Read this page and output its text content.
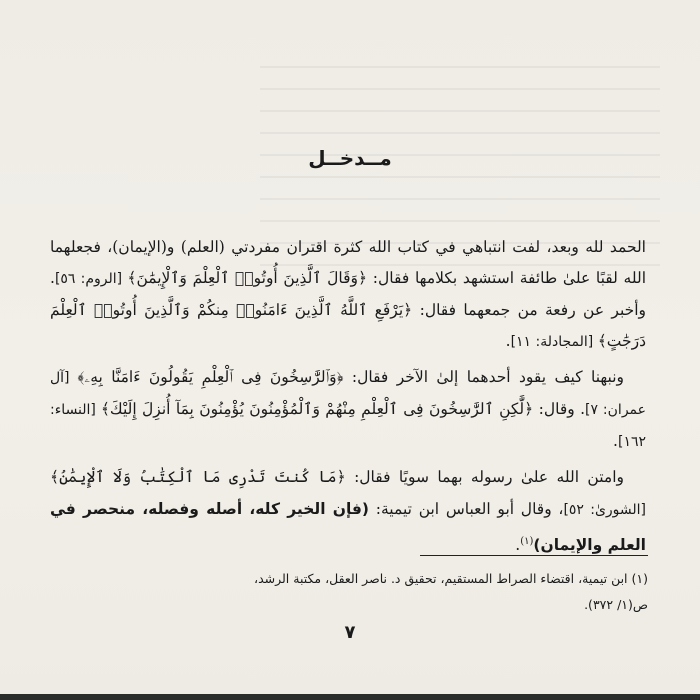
مــدخــل

الحمد لله وبعد، لفت انتباهي في كتاب الله كثرة اقتران مفردتي (العلم) و(الإيمان)، فجعلهما الله لقبًا علىٰ طائفة استشهد بكلامها فقال: ﴿وَقَالَ ٱلَّذِينَ أُوتُوا۟ ٱلْعِلْمَ وَٱلْإِيمَٰنَ﴾ [الروم: ٥٦]. وأخبر عن رفعة من جمعهما فقال: ﴿يَرْفَعِ ٱللَّهُ ٱلَّذِينَ ءَامَنُوا۟ مِنكُمْ وَٱلَّذِينَ أُوتُوا۟ ٱلْعِلْمَ دَرَجَٰتٍ﴾ [المجادلة: ١١].

ونبهنا كيف يقود أحدهما إلىٰ الآخر فقال: ﴿وَٱلرَّٰسِخُونَ فِى ٱلْعِلْمِ يَقُولُونَ ءَامَنَّا بِهِۦ﴾ [آل عمران: ٧]. وقال: ﴿لَّٰكِنِ ٱلرَّٰسِخُونَ فِى ٱلْعِلْمِ مِنْهُمْ وَٱلْمُؤْمِنُونَ يُؤْمِنُونَ بِمَآ أُنزِلَ إِلَيْكَ﴾ [النساء: ١٦٢].

وامتن الله علىٰ رسوله بهما سويًا فقال: ﴿مَا كُنتَ تَدْرِى مَا ٱلْكِتَٰبُ وَلَا ٱلْإِيمَٰنُ﴾ [الشورىٰ: ٥٢]، وقال أبو العباس ابن تيمية: (فإن الخير كله، أصله وفصله، منحصر في العلم والإيمان)$^{(١)}$.

(١) ابن تيمية، اقتضاء الصراط المستقيم، تحقيق د. ناصر العقل، مكتبة الرشد،

ص(١/ ٣٧٢).

٧
